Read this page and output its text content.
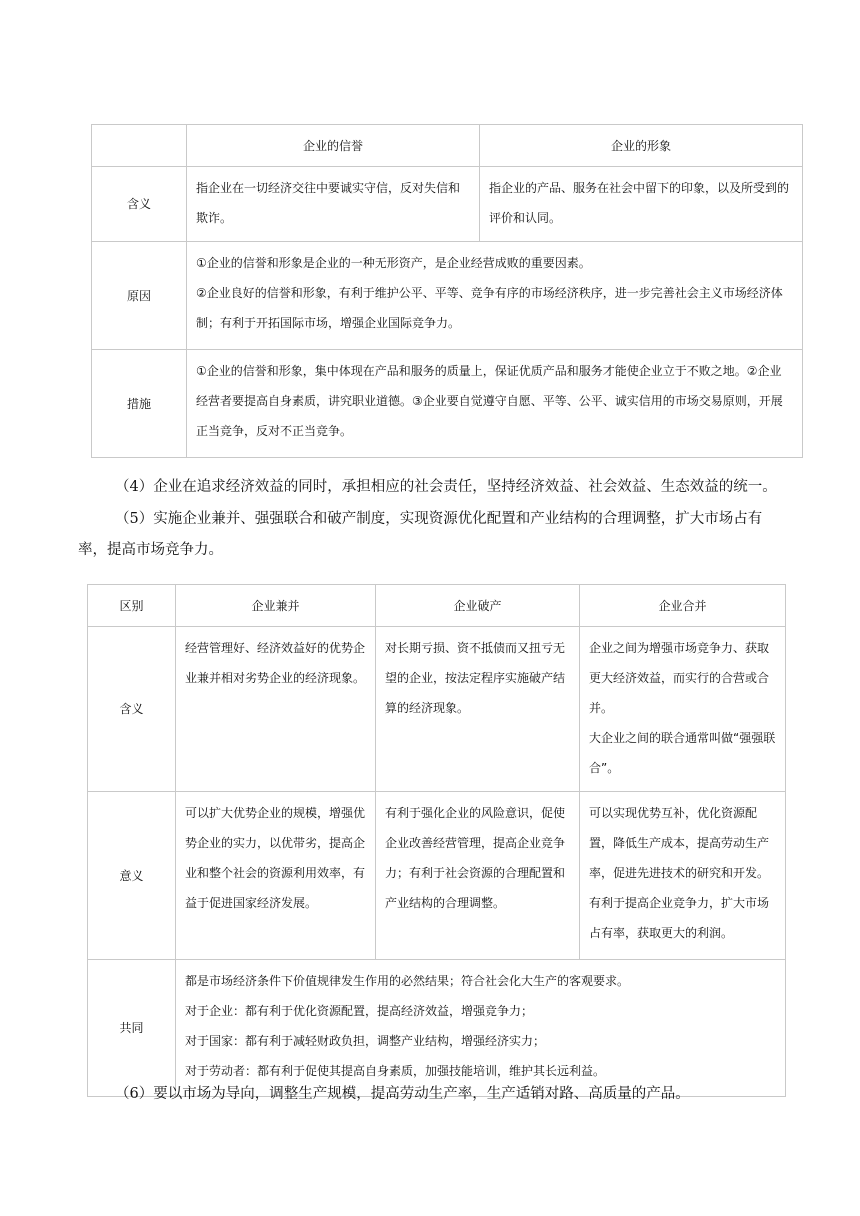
	企业的信誉	企业的形象
含义	指企业在一切经济交往中要诚实守信，反对失信和欺诈。	指企业的产品、服务在社会中留下的印象，以及所受到的评价和认同。

原因	①企业的信誉和形象是企业的一种无形资产，是企业经营成败的重要因素。

②企业良好的信誉和形象，有利于维护公平、平等、竞争有序的市场经济秩序，进一步完善社会主义市场经济体制；有利于开拓国际市场，增强企业国际竞争力。	

措施	①企业的信誉和形象，集中体现在产品和服务的质量上，保证优质产品和服务才能使企业立于不败之地。②企业经营者要提高自身素质，讲究职业道德。③企业要自觉遵守自愿、平等、公平、诚实信用的市场交易原则，开展正当竞争，反对不正当竞争。	

（4）企业在追求经济效益的同时，承担相应的社会责任，坚持经济效益、社会效益、生态效益的统一。

（5）实施企业兼并、强强联合和破产制度，实现资源优化配置和产业结构的合理调整，扩大市场占有率，提高市场竞争力。

区别	企业兼并	企业破产	企业合并
含义	经营管理好、经济效益好的优势企业兼并相对劣势企业的经济现象。	对长期亏损、资不抵债而又扭亏无望的企业，按法定程序实施破产结算的经济现象。	企业之间为增强市场竞争力、获取更大经济效益，而实行的合营或合并。

大企业之间的联合通常叫做“强强联合”。

意义	可以扩大优势企业的规模，增强优势企业的实力，以优带劣，提高企业和整个社会的资源利用效率，有益于促进国家经济发展。	有利于强化企业的风险意识，促使企业改善经营管理，提高企业竞争力；有利于社会资源的合理配置和产业结构的合理调整。	可以实现优势互补，优化资源配置，降低生产成本，提高劳动生产率，促进先进技术的研究和开发。有利于提高企业竞争力，扩大市场占有率，获取更大的利润。

共同	都是市场经济条件下价值规律发生作用的必然结果；符合社会化大生产的客观要求。

对于企业：都有利于优化资源配置，提高经济效益，增强竞争力；

对于国家：都有利于减轻财政负担，调整产业结构，增强经济实力；

对于劳动者：都有利于促使其提高自身素质，加强技能培训，维护其长远利益。		

（6）要以市场为导向，调整生产规模，提高劳动生产率，生产适销对路、高质量的产品。
